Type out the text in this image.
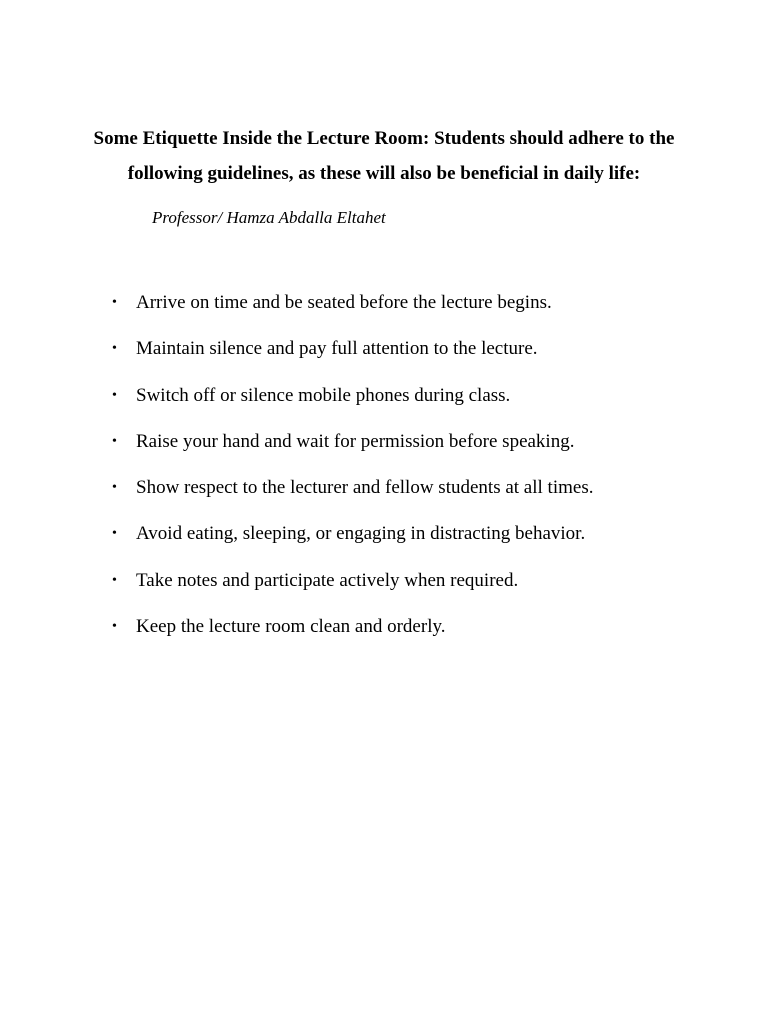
Some Etiquette Inside the Lecture Room: Students should adhere to the following guidelines, as these will also be beneficial in daily life:

Professor/ Hamza Abdalla Eltahet

• Arrive on time and be seated before the lecture begins.
• Maintain silence and pay full attention to the lecture.
• Switch off or silence mobile phones during class.
• Raise your hand and wait for permission before speaking.
• Show respect to the lecturer and fellow students at all times.
• Avoid eating, sleeping, or engaging in distracting behavior.
• Take notes and participate actively when required.
• Keep the lecture room clean and orderly.
